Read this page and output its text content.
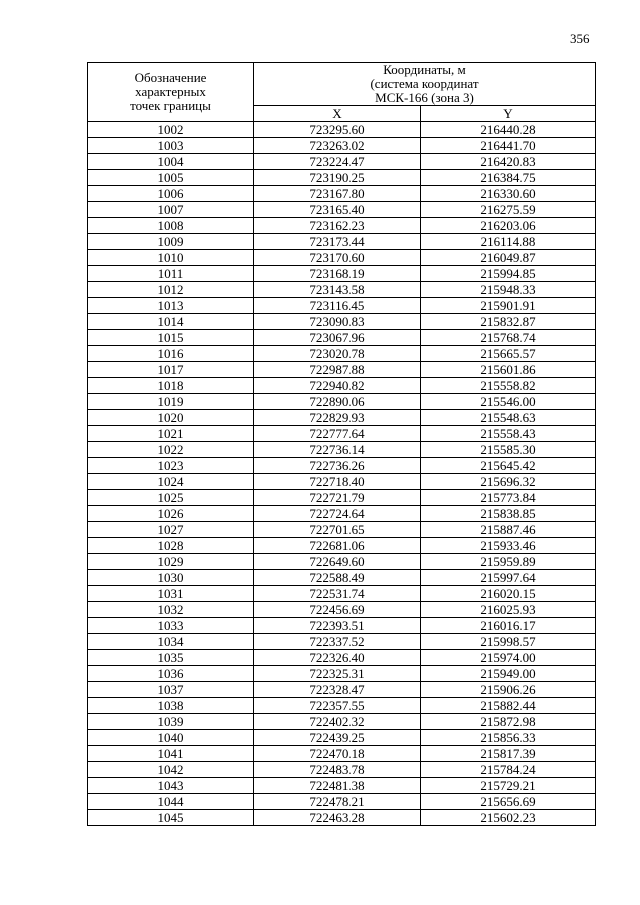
356
Обозначение
характерных
точек границы	Координаты, м
(система координат
МСК-166 (зона 3)	

	X	Y
1002	723295.60	216440.28
1003	723263.02	216441.70
1004	723224.47	216420.83
1005	723190.25	216384.75
1006	723167.80	216330.60
1007	723165.40	216275.59
1008	723162.23	216203.06
1009	723173.44	216114.88
1010	723170.60	216049.87
1011	723168.19	215994.85
1012	723143.58	215948.33
1013	723116.45	215901.91
1014	723090.83	215832.87
1015	723067.96	215768.74
1016	723020.78	215665.57
1017	722987.88	215601.86
1018	722940.82	215558.82
1019	722890.06	215546.00
1020	722829.93	215548.63
1021	722777.64	215558.43
1022	722736.14	215585.30
1023	722736.26	215645.42
1024	722718.40	215696.32
1025	722721.79	215773.84
1026	722724.64	215838.85
1027	722701.65	215887.46
1028	722681.06	215933.46
1029	722649.60	215959.89
1030	722588.49	215997.64
1031	722531.74	216020.15
1032	722456.69	216025.93
1033	722393.51	216016.17
1034	722337.52	215998.57
1035	722326.40	215974.00
1036	722325.31	215949.00
1037	722328.47	215906.26
1038	722357.55	215882.44
1039	722402.32	215872.98
1040	722439.25	215856.33
1041	722470.18	215817.39
1042	722483.78	215784.24
1043	722481.38	215729.21
1044	722478.21	215656.69
1045	722463.28	215602.23
